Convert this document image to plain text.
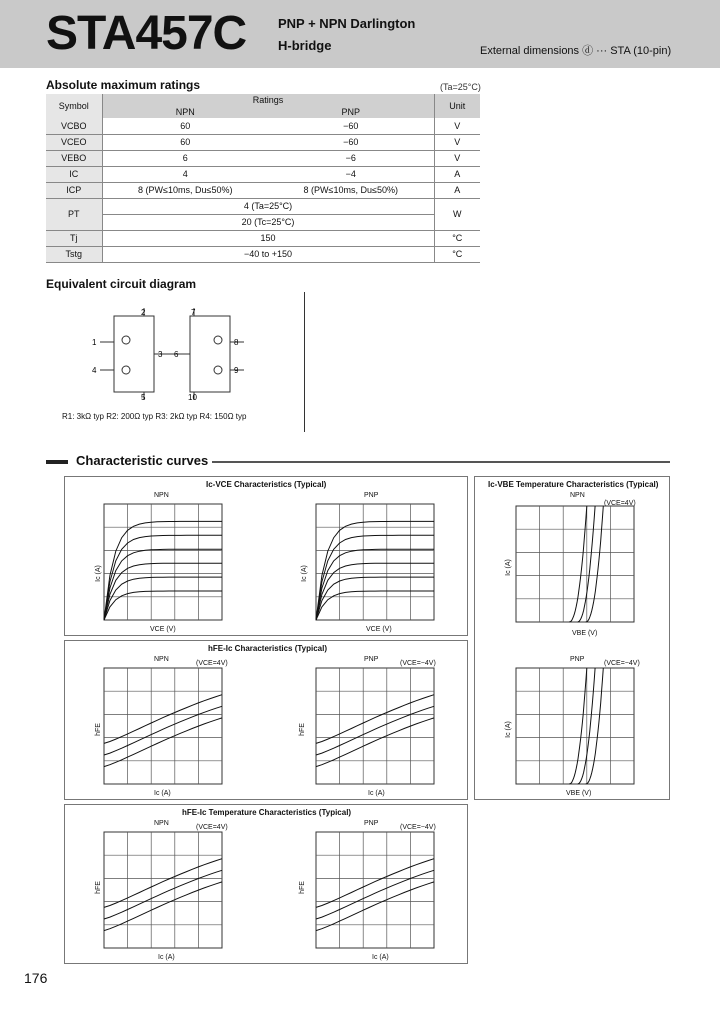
STA457C PNP + NPN Darlington
H-bridge	External dimensions ⓓ ··· STA (10-pin)
Absolute maximum ratings	(Ta=25°C)
Symbol	Ratings		Unit
	NPN	PNP	
VCBO	60	−60	V
VCEO	60	−60	V
VEBO	6	−6	V
IC	4	−4	A
ICP	8 (PW≤10ms, Du≤50%)	8 (PW≤10ms, Du≤50%)	A
PT	4 (Ta=25°C)		W
	20 (Tc=25°C)		
Tj	150		°C
Tstg	−40 to +150		°C
Equivalent circuit diagram
1
2
3
4
5
6
7
8
9
10
R1: 3kΩ typ R2: 200Ω typ R3: 2kΩ typ R4: 150Ω typ
Characteristic curves
Ic-VCE Characteristics (Typical)
hFE-Ic Characteristics (Typical)
hFE-Ic Temperature Characteristics (Typical)
Ic-VBE Temperature Characteristics (Typical)
NPN	PNP
NPN	PNP
NPN	PNP
NPN
PNP
(VCE=4V)	(VCE=−4V)
(VCE=4V)	(VCE=−4V)
(VCE=4V)
(VCE=−4V)
VCE (V)	VCE (V)
Ic (A)	Ic (A)
Ic (A)	Ic (A)
VBE (V)
VBE (V)
Ic (A)	Ic (A)
hFE	hFE
hFE	hFE
Ic (A)
Ic (A)
176
